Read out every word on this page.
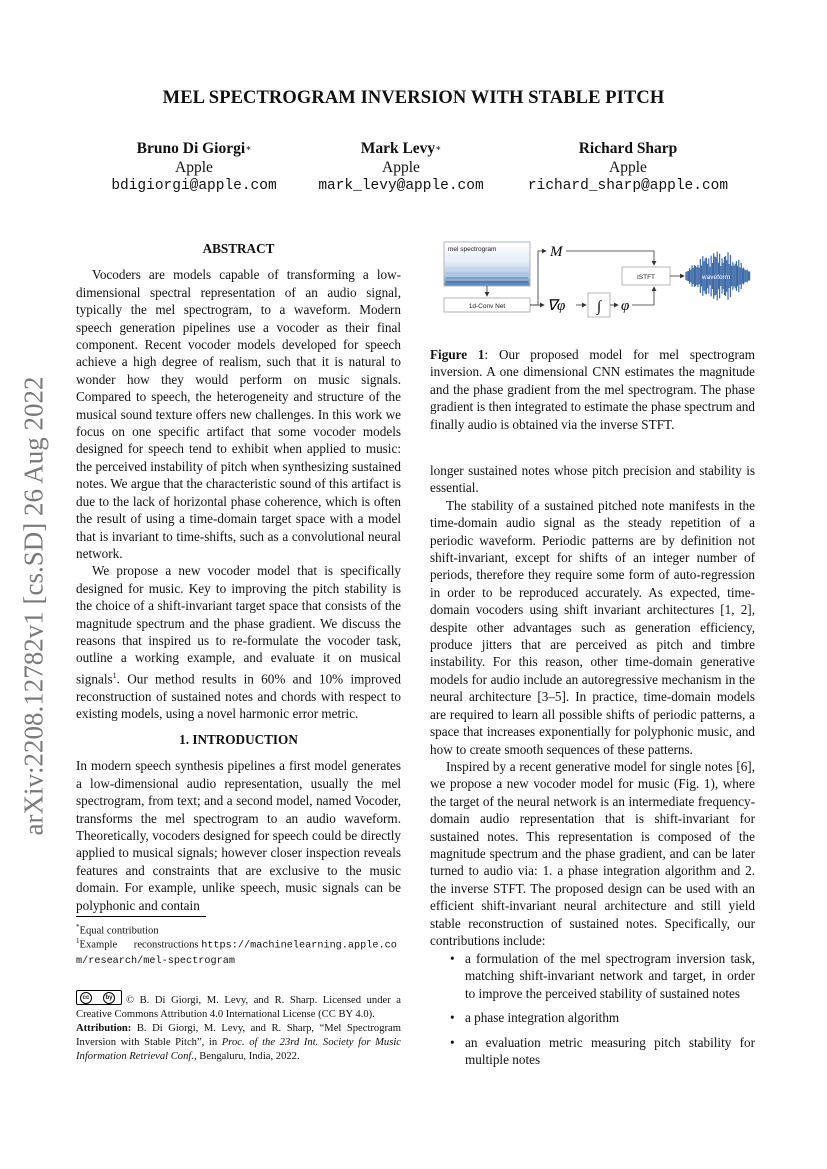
arXiv:2208.12782v1 [cs.SD] 26 Aug 2022
MEL SPECTROGRAM INVERSION WITH STABLE PITCH
Bruno Di Giorgi∗
Apple
bdigiorgi@apple.com
Mark Levy∗
Apple
mark_levy@apple.com
Richard Sharp
Apple
richard_sharp@apple.com

ABSTRACT

Vocoders are models capable of transforming a low-dimensional spectral representation of an audio signal, typically the mel spectrogram, to a waveform. Modern speech generation pipelines use a vocoder as their final component. Recent vocoder models developed for speech achieve a high degree of realism, such that it is natural to wonder how they would perform on music signals. Compared to speech, the heterogeneity and structure of the musical sound texture offers new challenges. In this work we focus on one specific artifact that some vocoder models designed for speech tend to exhibit when applied to music: the perceived instability of pitch when synthesizing sustained notes. We argue that the characteristic sound of this artifact is due to the lack of horizontal phase coherence, which is often the result of using a time-domain target space with a model that is invariant to time-shifts, such as a convolutional neural network.

We propose a new vocoder model that is specifically designed for music. Key to improving the pitch stability is the choice of a shift-invariant target space that consists of the magnitude spectrum and the phase gradient. We discuss the reasons that inspired us to re-formulate the vocoder task, outline a working example, and evaluate it on musical signals$^1$. Our method results in 60% and 10% improved reconstruction of sustained notes and chords with respect to existing models, using a novel harmonic error metric.

1. INTRODUCTION

In modern speech synthesis pipelines a first model generates a low-dimensional audio representation, usually the mel spectrogram, from text; and a second model, named Vocoder, transforms the mel spectrogram to an audio waveform. Theoretically, vocoders designed for speech could be directly applied to musical signals; however closer inspection reveals features and constraints that are exclusive to the music domain. For example, unlike speech, music signals can be polyphonic and contain

*Equal contribution
$^1$Example reconstructions https://machinelearning.apple.com/research/mel-spectrogram
cc	by © B. Di Giorgi, M. Levy, and R. Sharp. Licensed under a Creative Commons Attribution 4.0 International License (CC BY 4.0).
Attribution: B. Di Giorgi, M. Levy, and R. Sharp, “Mel Spectrogram Inversion with Stable Pitch”, in Proc. of the 23rd Int. Society for Music Information Retrieval Conf., Bengaluru, India, 2022.
mel spectrogram
1d-Conv Net
M
∇φ ∫ φ
ISTFT	waveform
Figure 1: Our proposed model for mel spectrogram inversion. A one dimensional CNN estimates the magnitude and the phase gradient from the mel spectrogram. The phase gradient is then integrated to estimate the phase spectrum and finally audio is obtained via the inverse STFT.

longer sustained notes whose pitch precision and stability is essential.

The stability of a sustained pitched note manifests in the time-domain audio signal as the steady repetition of a periodic waveform. Periodic patterns are by definition not shift-invariant, except for shifts of an integer number of periods, therefore they require some form of auto-regression in order to be reproduced accurately. As expected, time-domain vocoders using shift invariant architectures [1, 2], despite other advantages such as generation efficiency, produce jitters that are perceived as pitch and timbre instability. For this reason, other time-domain generative models for audio include an autoregressive mechanism in the neural architecture [3–5]. In practice, time-domain models are required to learn all possible shifts of periodic patterns, a space that increases exponentially for polyphonic music, and how to create smooth sequences of these patterns.

Inspired by a recent generative model for single notes [6], we propose a new vocoder model for music (Fig. 1), where the target of the neural network is an intermediate frequency-domain audio representation that is shift-invariant for sustained notes. This representation is composed of the magnitude spectrum and the phase gradient, and can be later turned to audio via: 1. a phase integration algorithm and 2. the inverse STFT. The proposed design can be used with an efficient shift-invariant neural architecture and still yield stable reconstruction of sustained notes. Specifically, our contributions include:

• a formulation of the mel spectrogram inversion task, matching shift-invariant network and target, in order to improve the perceived stability of sustained notes
• a phase integration algorithm
• an evaluation metric measuring pitch stability for multiple notes
